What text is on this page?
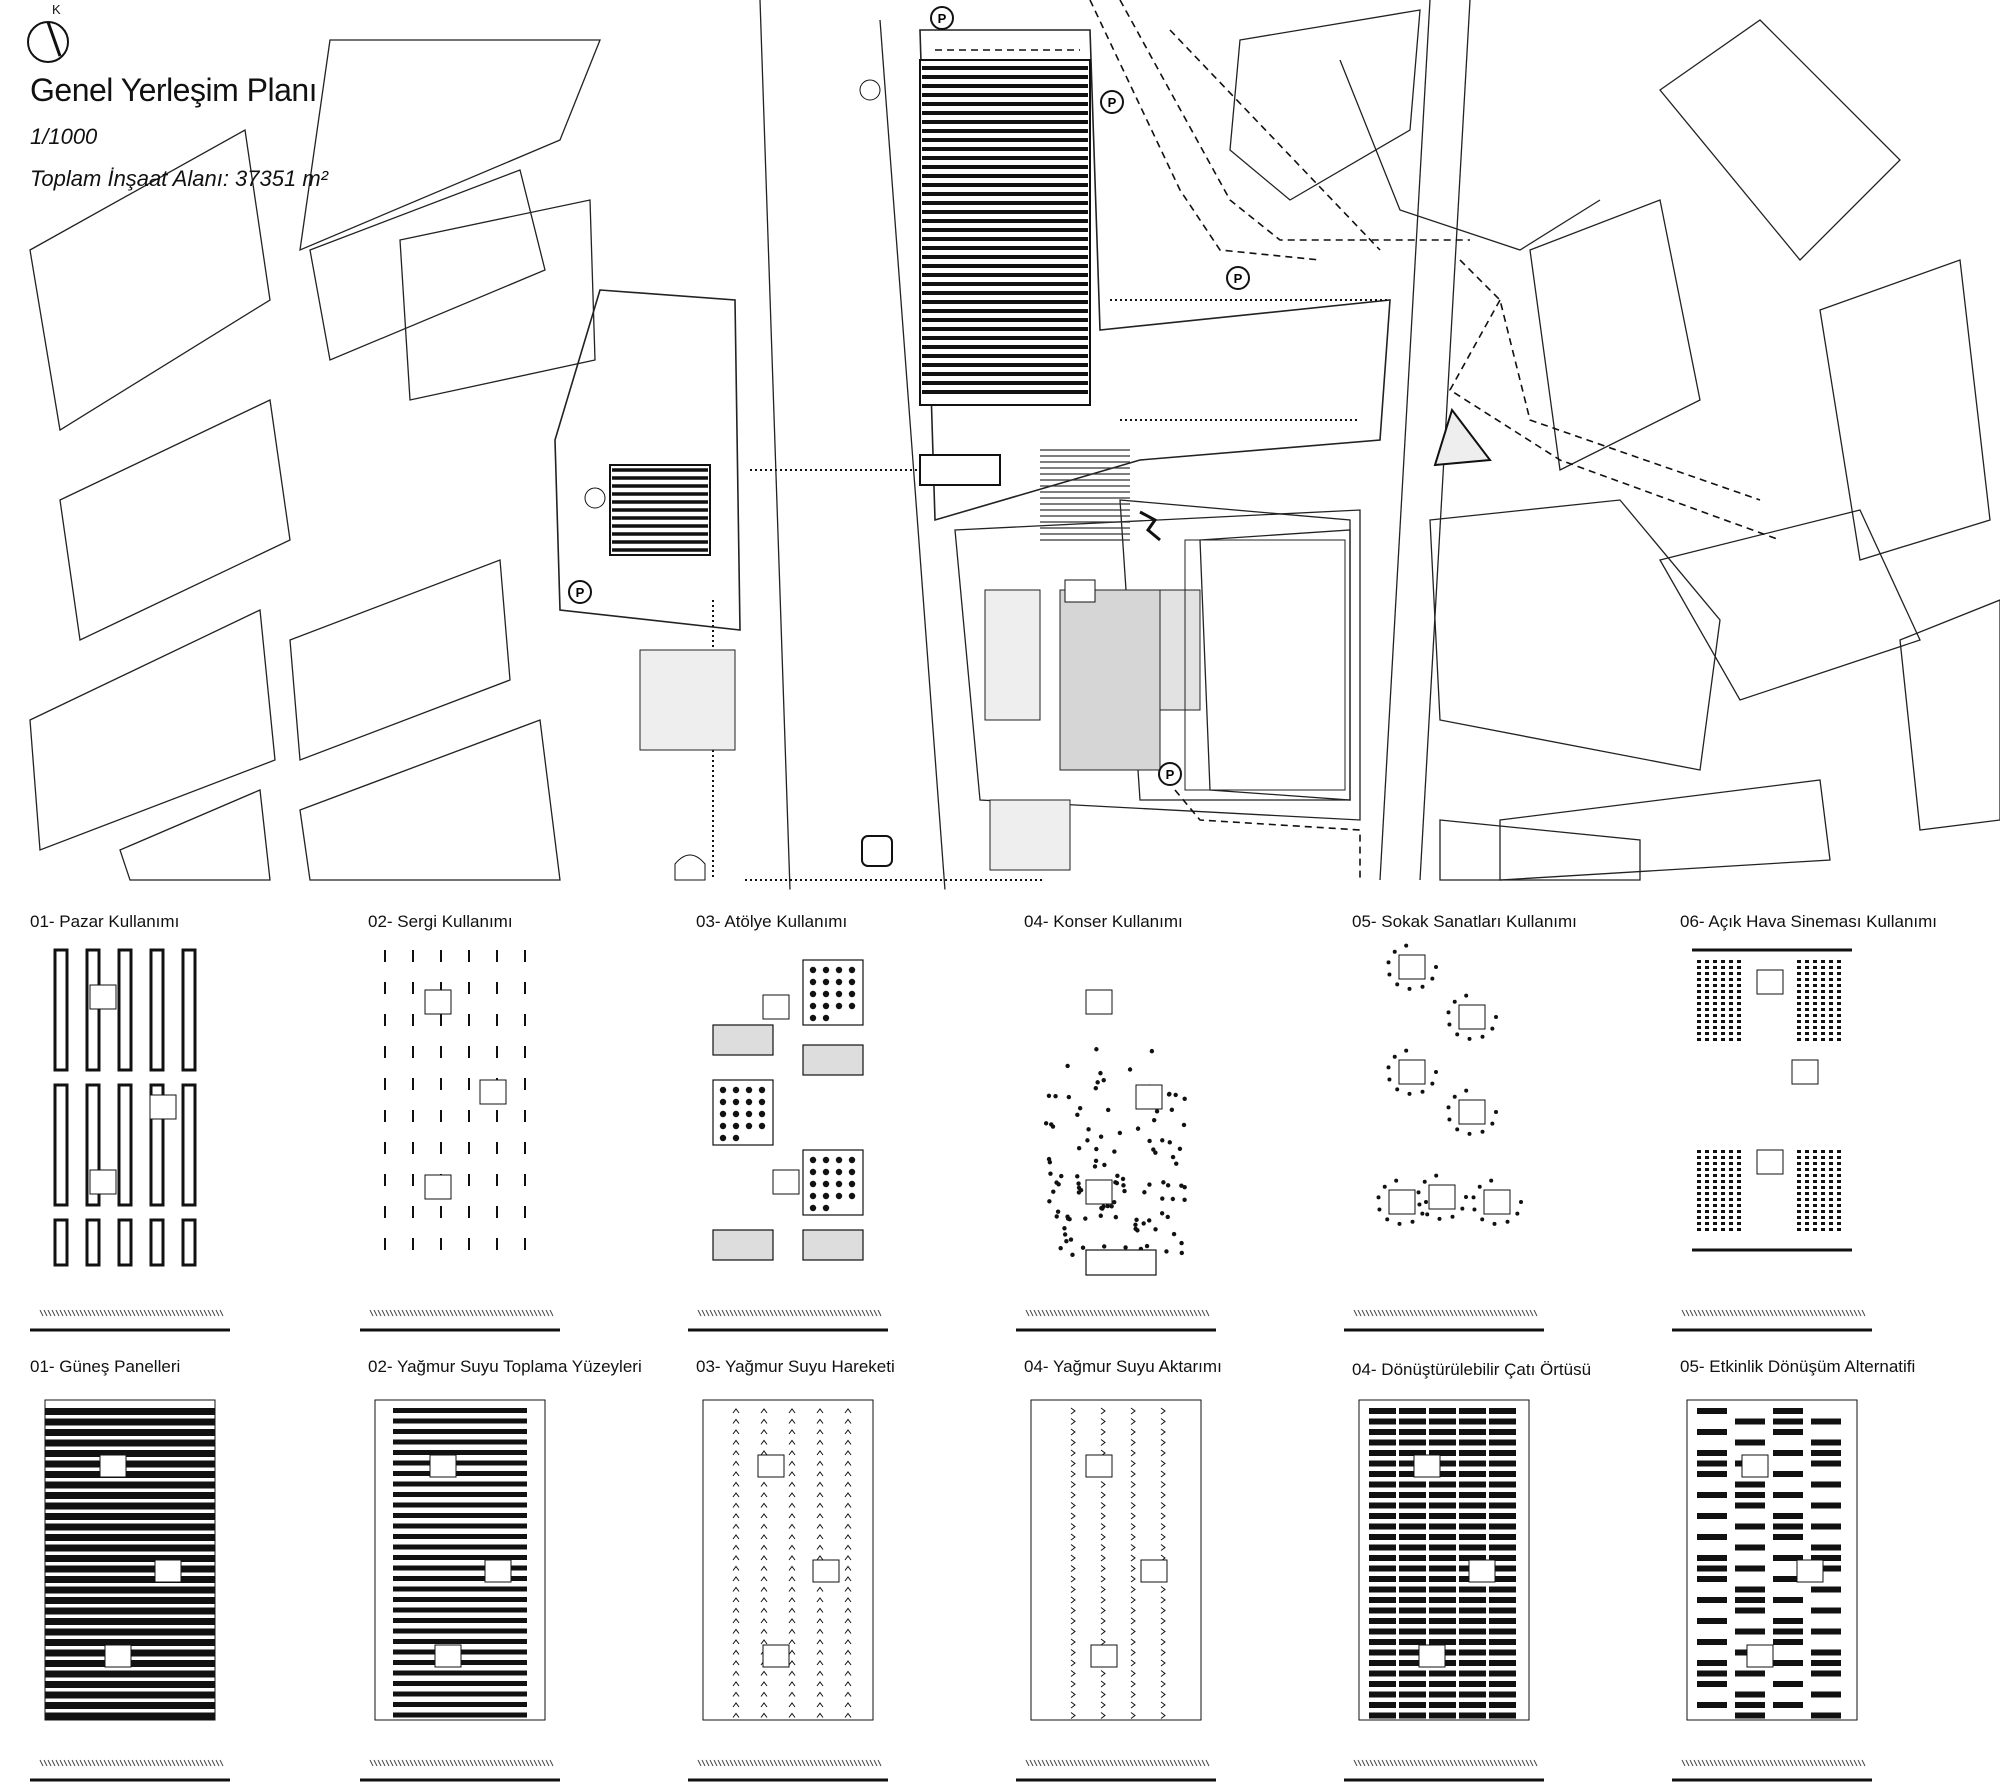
P
P
P
P
P
Genel Yerleşim Planı
1/1000
Toplam İnşaat Alanı: 37351 m²
K
01- Pazar Kullanımı	02- Sergi Kullanımı	03- Atölye Kullanımı	04- Konser Kullanımı	05- Sokak Sanatları Kullanımı	06- Açık Hava Sineması Kullanımı
01- Güneş Panelleri	02- Yağmur Suyu Toplama Yüzeyleri	03- Yağmur Suyu Hareketi	04- Yağmur Suyu Aktarımı	04- Dönüştürülebilir Çatı Örtüsü	05- Etkinlik Dönüşüm Alternatifi
